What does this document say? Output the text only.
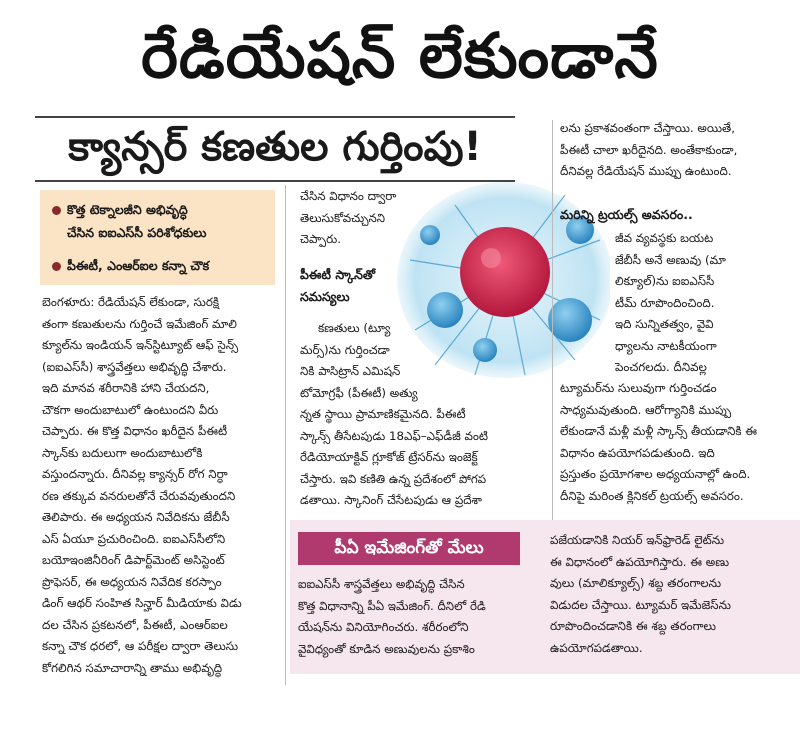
రేడియేషన్ లేకుండానే
క్యాన్సర్ కణతుల గుర్తింపు!
కొత్త టెక్నాలజీని అభివృద్ధి
చేసిన ఐఐఎస్‌సీ పరిశోధకులు
పీఈటీ, ఎంఆర్ఐల కన్నా చౌక
బెంగళూరు: రేడియేషన్ లేకుండా, సురక్షి
తంగా కణుతులను గుర్తించే ఇమేజింగ్ మాలి
క్యూల్‌ను ఇండియన్ ఇన్‌స్టిట్యూట్ ఆఫ్ సైన్స్
(ఐఐఎస్‌సీ) శాస్త్రవేత్తలు అభివృద్ధి చేశారు.
ఇది మానవ శరీరానికి హాని చేయదని,
చౌకగా అందుబాటులో ఉంటుందని వీరు
చెప్పారు. ఈ కొత్త విధానం ఖరీదైన పీఈటీ
స్కాన్‌కు బదులుగా అందుబాటులోకి
వస్తుందన్నారు. దీనివల్ల క్యాన్సర్ రోగ నిర్ధా
రణ తక్కువ వనరులతోనే చేరువవుతుందని
తెలిపారు. ఈ అధ్యయన నివేదికను జేబీసీ
ఎస్ ఏయూ ప్రచురించింది. ఐఐఎస్‌సీలోని
బయోఇంజినీరింగ్ డిపార్ట్‌మెంట్ అసిస్టెంట్
ప్రొఫెసర్, ఈ అధ్యయన నివేదిక కరస్పాం
డింగ్ ఆథర్ సంహిత సిన్హార్ మీడియాకు విడు
దల చేసిన ప్రకటనలో, పీఈటీ, ఎంఆర్ఐల
కన్నా చౌక ధరలో, ఆ పరీక్షల ద్వారా తెలుసు
కోగలిగిన సమాచారాన్ని తాము అభివృద్ధి
చేసిన విధానం ద్వారా
తెలుసుకోవచ్చునని
చెప్పారు.
పీఈటీ స్కాన్‌తో
సమస్యలు
కణతులు (ట్యూ
మర్స్)ను గుర్తించడా
నికి పాసిట్రాన్ ఎమిషన్
టోమోగ్రఫీ (పీఈటీ) అత్యు
న్నత స్థాయి ప్రామాణికమైనది. పీఈటీ
స్కాన్స్ తీసేటపుడు 18ఎఫ్–ఎఫ్‌డీజీ వంటి
రేడియోయాక్టివ్ గ్లూకోజ్ ట్రేసర్‌ను ఇంజెక్ట్
చేస్తారు. ఇవి కణితి ఉన్న ప్రదేశంలో పోగప
డతాయి. స్కానింగ్ చేసేటపుడు ఆ ప్రదేశా
లను ప్రకాశవంతంగా చేస్తాయి. అయితే,
పీఈటీ చాలా ఖరీదైనది. అంతేకాకుండా,
దీనివల్ల రేడియేషన్ ముప్పు ఉంటుంది.
మరిన్ని ట్రయల్స్ అవసరం..
జీవ వ్యవస్థకు బయట
జేబీసీ అనే అణువు (మా
లిక్యూల్)ను ఐఐఎస్‌సీ
టీమ్ రూపొందించింది.
ఇది సున్నితత్వం, వైవి
ధ్యాలను నాటకీయంగా
పెంచగలదు. దీనివల్ల
ట్యూమర్‌ను సులువుగా గుర్తించడం
సాధ్యమవుతుంది. ఆరోగ్యానికి ముప్పు
లేకుండానే మళ్లీ మళ్లీ స్కాన్స్ తీయడానికి ఈ
విధానం ఉపయోగపడుతుంది. ఇది
ప్రస్తుతం ప్రయోగశాల అధ్యయనాల్లో ఉంది.
దీనిపై మరింత క్లినికల్ ట్రయల్స్ అవసరం.
పీఏ ఇమేజింగ్‌తో మేలు
ఐఐఎస్‌సీ శాస్త్రవేత్తలు అభివృద్ధి చేసిన
కొత్త విధానాన్ని పీఏ ఇమేజింగ్. దీనిలో రేడి
యేషన్‌ను వినియోగించరు. శరీరంలోని
వైవిధ్యంతో కూడిన అణువులను ప్రకాశిం
పజేయడానికి నియర్ ఇన్‌ఫ్రారెడ్ లైట్‌ను
ఈ విధానంలో ఉపయోగిస్తారు. ఈ అణు
వులు (మాలిక్యూల్స్) శబ్ద తరంగాలను
విడుదల చేస్తాయి. ట్యూమర్ ఇమేజెస్‌ను
రూపొందించడానికి ఈ శబ్ద తరంగాలు
ఉపయోగపడతాయి.
